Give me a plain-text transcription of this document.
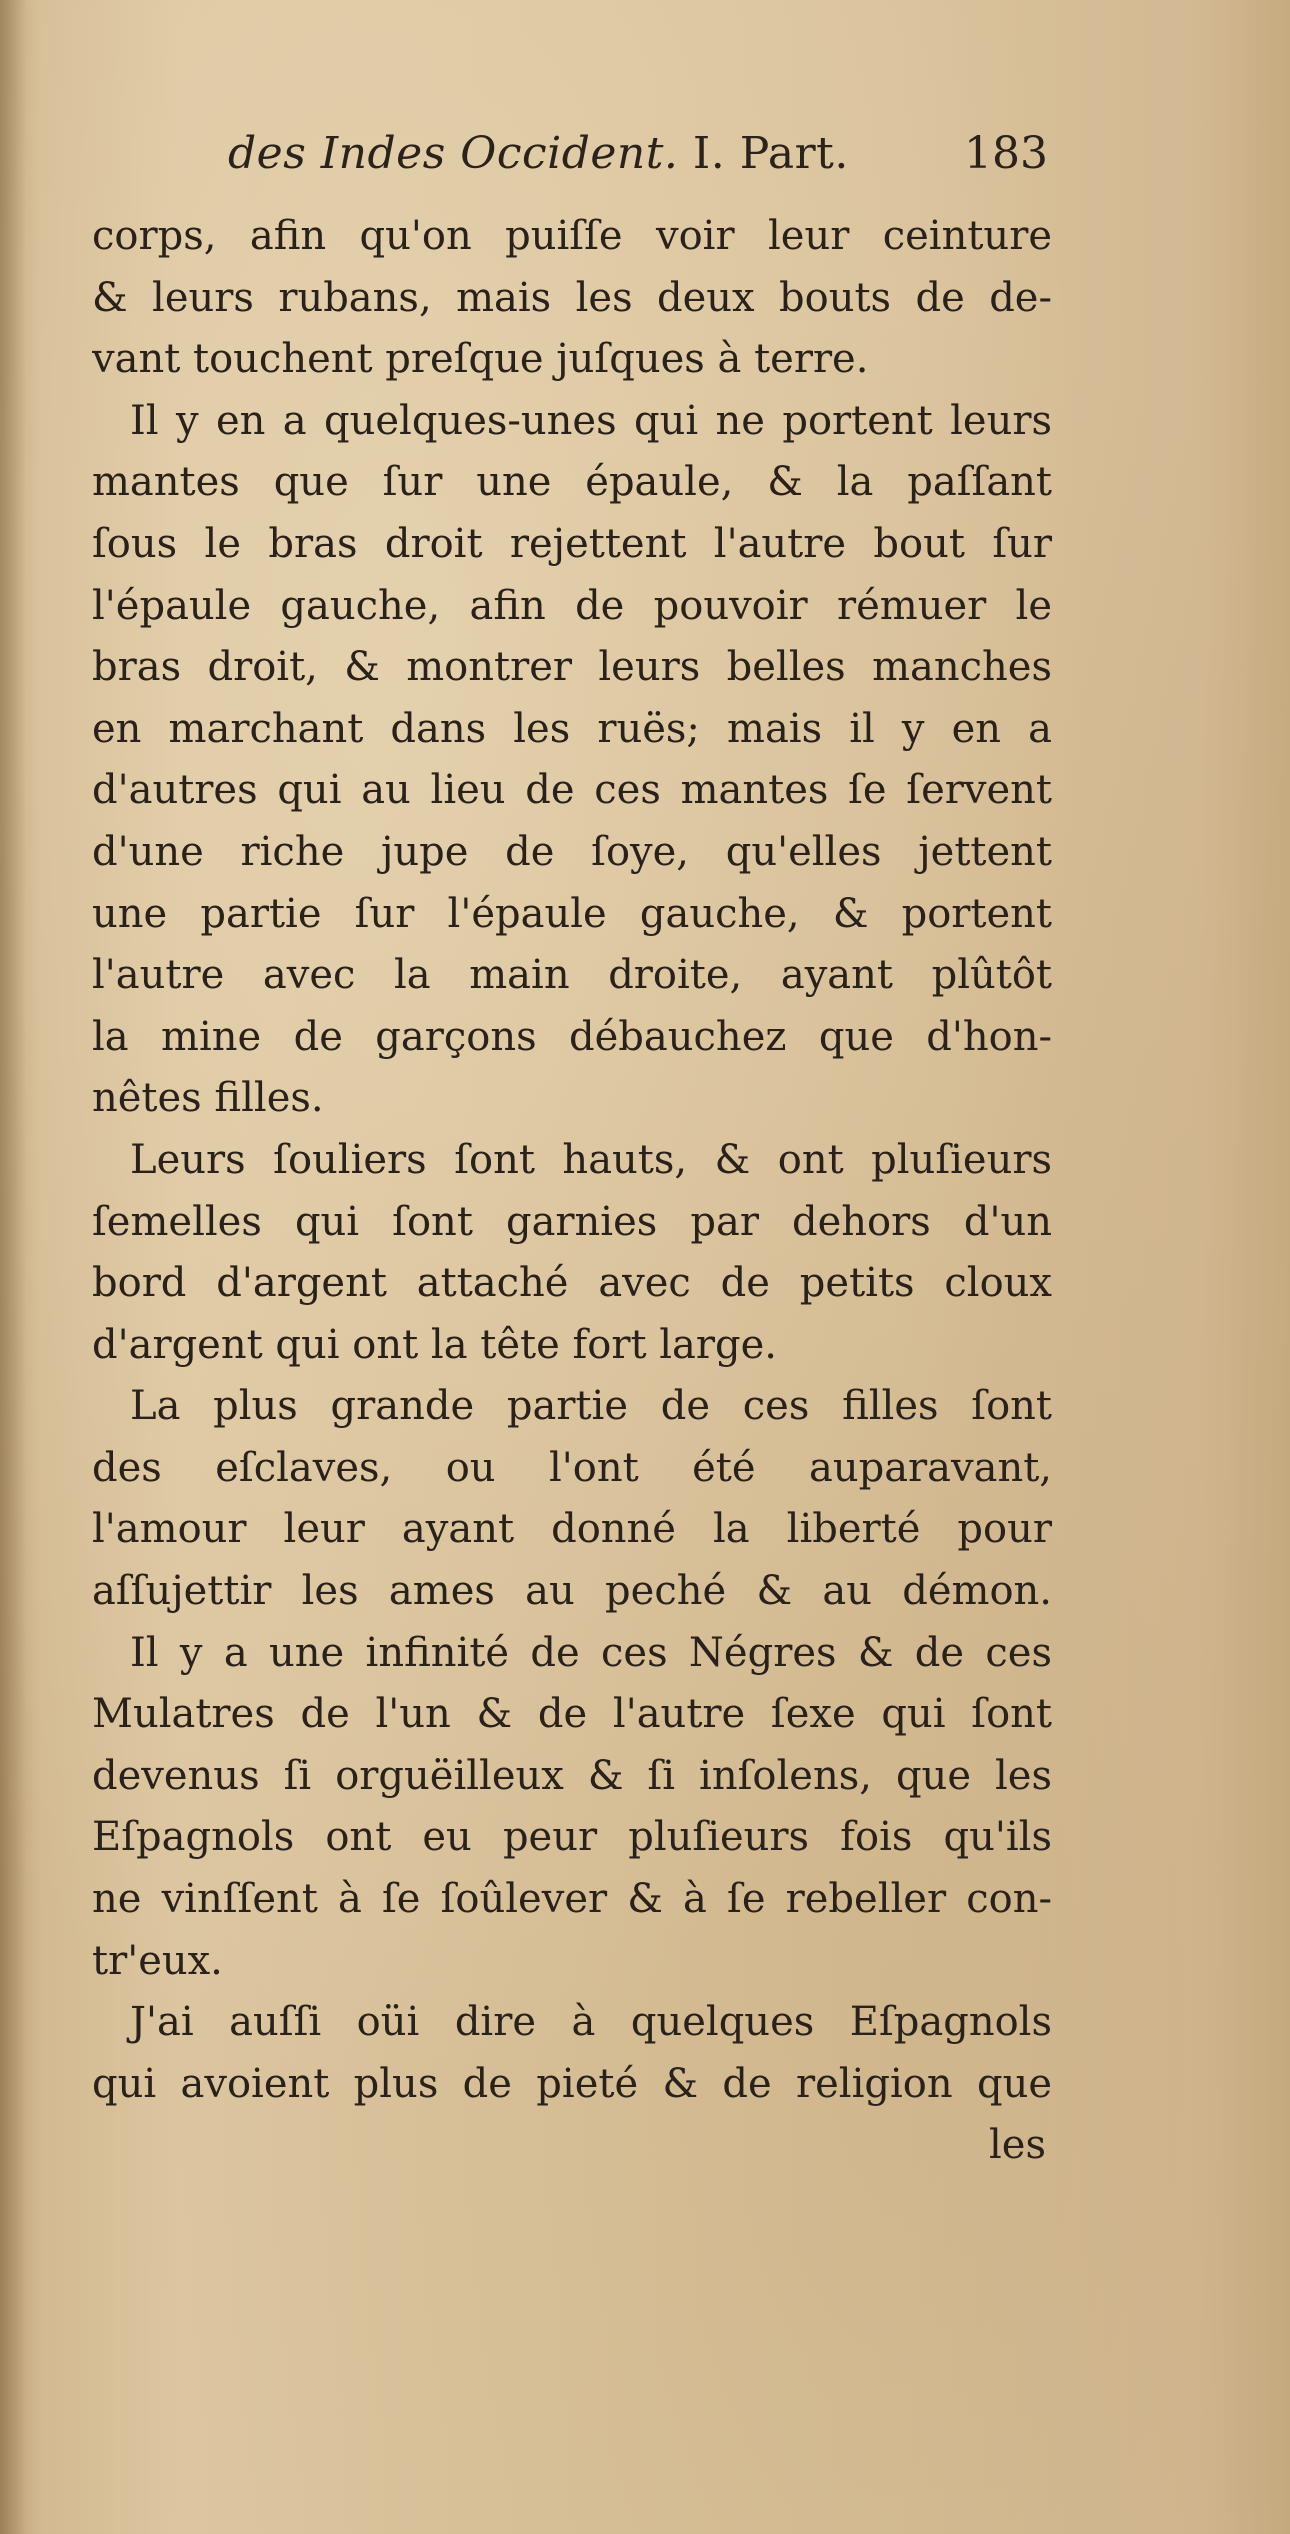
des Indes Occident. I. Part.	183
corps, afin qu'on puiſſe voir leur ceinture
& leurs rubans, mais les deux bouts de de-
vant touchent preſque juſques à terre.
Il y en a quelques-unes qui ne portent leurs
mantes que ſur une épaule, & la paſſant
ſous le bras droit rejettent l'autre bout ſur
l'épaule gauche, afin de pouvoir rémuer le
bras droit, & montrer leurs belles manches
en marchant dans les ruës; mais il y en a
d'autres qui au lieu de ces mantes ſe ſervent
d'une riche jupe de ſoye, qu'elles jettent
une partie ſur l'épaule gauche, & portent
l'autre avec la main droite, ayant plûtôt
la mine de garçons débauchez que d'hon-
nêtes filles.
Leurs ſouliers ſont hauts, & ont pluſieurs
ſemelles qui ſont garnies par dehors d'un
bord d'argent attaché avec de petits cloux
d'argent qui ont la tête fort large.
La plus grande partie de ces filles ſont
des eſclaves, ou l'ont été auparavant,
l'amour leur ayant donné la liberté pour
aſſujettir les ames au peché & au démon.
Il y a une infinité de ces Négres & de ces
Mulatres de l'un & de l'autre ſexe qui ſont
devenus ſi orguëilleux & ſi inſolens, que les
Eſpagnols ont eu peur pluſieurs fois qu'ils
ne vinſſent à ſe ſoûlever & à ſe rebeller con-
tr'eux.
J'ai auſſi oüi dire à quelques Eſpagnols
qui avoient plus de pieté & de religion que
les
